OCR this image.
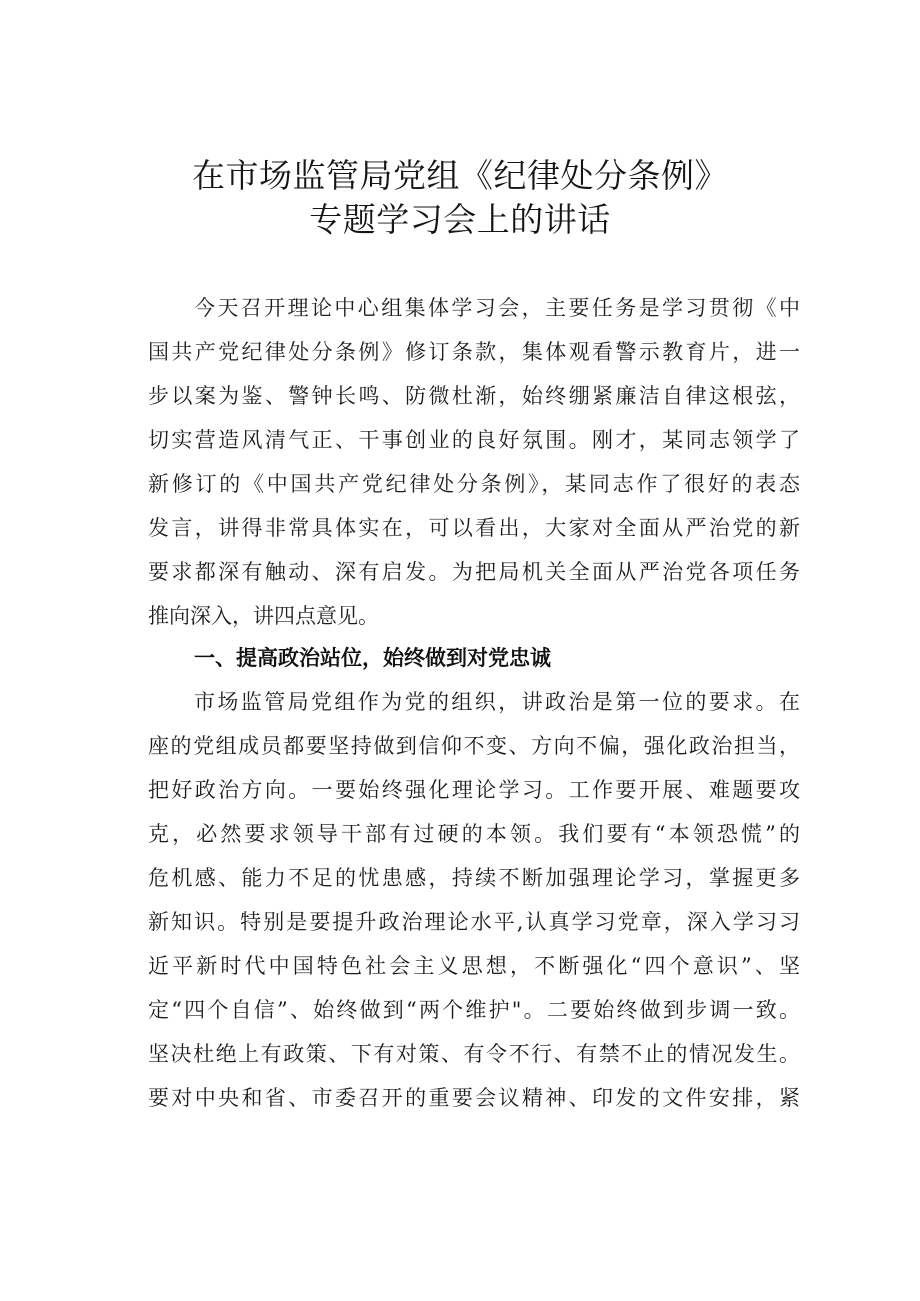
在市场监管局党组《纪律处分条例》
专题学习会上的讲话
今天召开理论中心组集体学习会，主要任务是学习贯彻《中
国共产党纪律处分条例》修订条款，集体观看警示教育片，进一
步以案为鉴、警钟长鸣、防微杜渐，始终绷紧廉洁自律这根弦，
切实营造风清气正、干事创业的良好氛围。刚才，某同志领学了
新修订的《中国共产党纪律处分条例》，某同志作了很好的表态
发言，讲得非常具体实在，可以看出，大家对全面从严治党的新
要求都深有触动、深有启发。为把局机关全面从严治党各项任务
推向深入，讲四点意见。
一、提高政治站位，始终做到对党忠诚
市场监管局党组作为党的组织，讲政治是第一位的要求。在
座的党组成员都要坚持做到信仰不变、方向不偏，强化政治担当，
把好政治方向。一要始终强化理论学习。工作要开展、难题要攻
克，必然要求领导干部有过硬的本领。我们要有“本领恐慌”的
危机感、能力不足的忧患感，持续不断加强理论学习，掌握更多
新知识。特别是要提升政治理论水平,认真学习党章，深入学习习
近平新时代中国特色社会主义思想，不断强化“四个意识”、坚
定“四个自信”、始终做到“两个维护"。二要始终做到步调一致。
坚决杜绝上有政策、下有对策、有令不行、有禁不止的情况发生。
要对中央和省、市委召开的重要会议精神、印发的文件安排，紧
